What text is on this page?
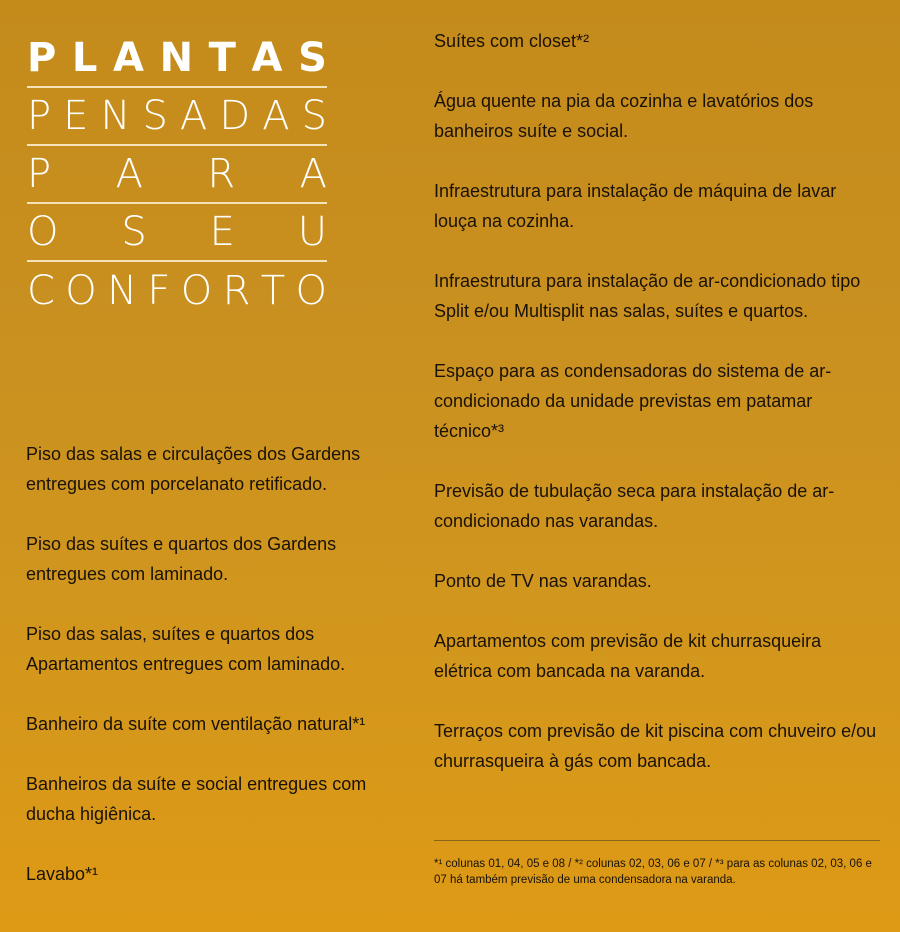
P L A N T A S
P E N S A D A S
P A R A
O S E U
C O N F O R T O

Piso das salas e circulações dos Gardens entregues com porcelanato retificado.

Piso das suítes e quartos dos Gardens entregues com laminado.

Piso das salas, suítes e quartos dos Apartamentos entregues com laminado.

Banheiro da suíte com ventilação natural*¹

Banheiros da suíte e social entregues com ducha higiênica.

Lavabo*¹

Suítes com closet*²

Água quente na pia da cozinha e lavatórios dos banheiros suíte e social.

Infraestrutura para instalação de máquina de lavar louça na cozinha.

Infraestrutura para instalação de ar-condicionado tipo Split e/ou Multisplit nas salas, suítes e quartos.

Espaço para as condensadoras do sistema de ar-condicionado da unidade previstas em patamar técnico*³

Previsão de tubulação seca para instalação de ar-condicionado nas varandas.

Ponto de TV nas varandas.

Apartamentos com previsão de kit churrasqueira elétrica com bancada na varanda.

Terraços com previsão de kit piscina com chuveiro e/ou churrasqueira à gás com bancada.

*¹ colunas 01, 04, 05 e 08 / *² colunas 02, 03, 06 e 07 / *³ para as colunas 02, 03, 06 e 07 há também previsão de uma condensadora na varanda.
